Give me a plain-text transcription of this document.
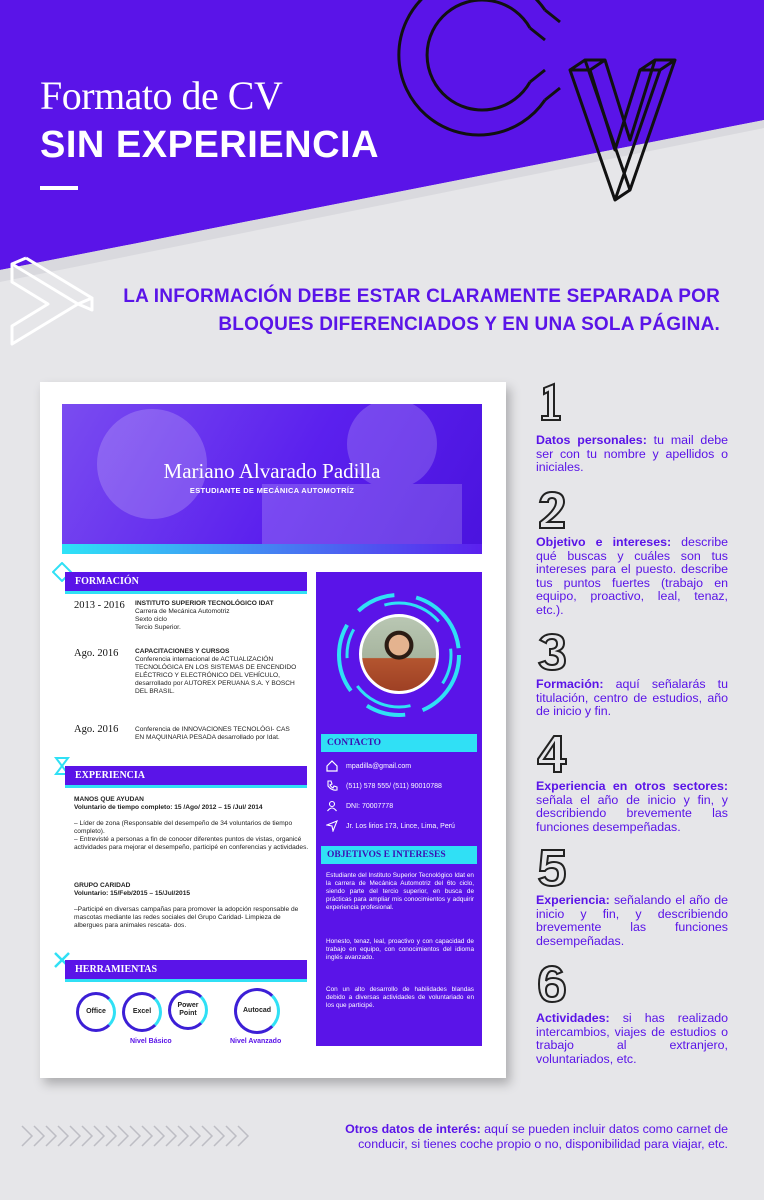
Formato de CV
SIN EXPERIENCIA
LA INFORMACIÓN DEBE ESTAR CLARAMENTE SEPARADA POR
BLOQUES DIFERENCIADOS Y EN UNA SOLA PÁGINA.
Mariano Alvarado Padilla
ESTUDIANTE DE MECÁNICA AUTOMOTRÍZ
FORMACIÓN
2013 - 2016 INSTITUTO SUPERIOR TECNOLÓGICO IDAT
Carrera de Mecánica Automotriz
Sexto ciclo
Tercio Superior.
Ago. 2016	CAPACITACIONES Y CURSOS
Conferencia internacional de ACTUALIZACIÓN TECNOLÓGICA EN LOS SISTEMAS DE ENCENDIDO ELÉCTRICO Y ELECTRÓNICO DEL VEHÍCULO, desarrollado por AUTOREX PERUANA S.A. Y BOSCH DEL BRASIL.
Ago. 2016	Conferencia de INNOVACIONES TECNOLÓGI- CAS EN MAQUINARIA PESADA desarrollado por Idat.
EXPERIENCIA
MANOS QUE AYUDAN
Voluntario de tiempo completo: 15 /Ago/ 2012 – 15 /Jul/ 2014
– Líder de zona (Responsable del desempeño de 34 voluntarios de tiempo completo).
– Entrevisté a personas a fin de conocer diferentes puntos de vistas, organicé actividades para mejorar el desempeño, participé en conferencias y actividades.
GRUPO CARIDAD
Voluntario: 15/Feb/2015 – 15/Jul/2015
–Participé en diversas campañas para promover la adopción responsable de mascotas mediante las redes sociales del Grupo Caridad- Limpieza de albergues para animales rescata- dos.
HERRAMIENTAS
Office	Excel
Power Point	Autocad
Nivel Básico	Nivel Avanzado
CONTACTO
mpadilla@gmail.com
(511) 578 555/ (511) 90010788
DNI: 70007778
Jr. Los lirios 173, Lince, Lima, Perú
OBJETIVOS E INTERESES
Estudiante del Instituto Superior Tecnológico Idat en la carrera de Mecánica Automotriz del 6to ciclo, siendo parte del tercio superior, en busca de prácticas para ampliar mis conocimientos y adquirir experiencia profesional.
Honesto, tenaz, leal, proactivo y con capacidad de trabajo en equipo, con conocimientos del idioma inglés avanzado.
Con un alto desarrollo de habilidades blandas debido a diversas actividades de voluntariado en los que participé.
Datos personales: tu mail debe ser con tu nombre y apellidos o iniciales.
Objetivo e intereses: describe qué buscas y cuáles son tus intereses para el puesto. describe tus puntos fuertes (trabajo en equipo, proactivo, leal, tenaz, etc.).
Formación: aquí señalarás tu titulación, centro de estudios, año de inicio y fin.
Experiencia en otros sectores: señala el año de inicio y fin, y describiendo brevemente las funciones desempeñadas.
Experiencia: señalando el año de inicio y fin, y describiendo brevemente las funciones desempeñadas.
Actividades: si has realizado intercambios, viajes de estudios o trabajo al extranjero, voluntariados, etc.
Otros datos de interés: aquí se pueden incluir datos como carnet de conducir, si tienes coche propio o no, disponibilidad para viajar, etc.
